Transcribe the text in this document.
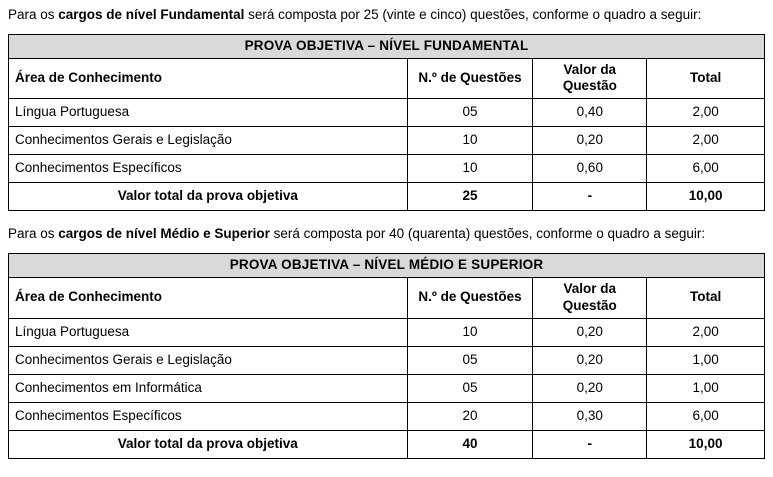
Para os cargos de nível Fundamental será composta por 25 (vinte e cinco) questões, conforme o quadro a seguir:

PROVA OBJETIVA – NÍVEL FUNDAMENTAL			
Área de Conhecimento	N.º de Questões	Valor da Questão	Total
Língua Portuguesa	05	0,40	2,00
Conhecimentos Gerais e Legislação	10	0,20	2,00
Conhecimentos Específicos	10	0,60	6,00
Valor total da prova objetiva	25	-	10,00

Para os cargos de nível Médio e Superior será composta por 40 (quarenta) questões, conforme o quadro a seguir:

PROVA OBJETIVA – NÍVEL MÉDIO E SUPERIOR			
Área de Conhecimento	N.º de Questões	Valor da Questão	Total
Língua Portuguesa	10	0,20	2,00
Conhecimentos Gerais e Legislação	05	0,20	1,00
Conhecimentos em Informática	05	0,20	1,00
Conhecimentos Específicos	20	0,30	6,00
Valor total da prova objetiva	40	-	10,00
